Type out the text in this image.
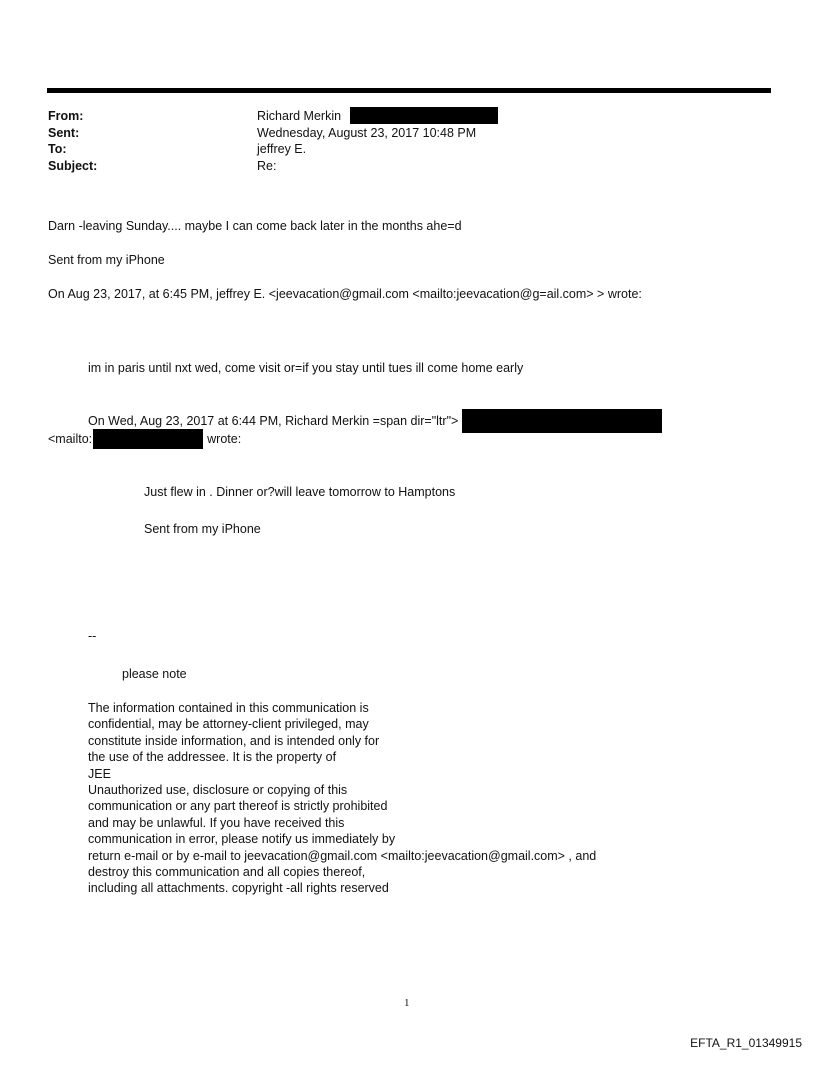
From:	Richard Merkin
Sent:	Wednesday, August 23, 2017 10:48 PM
To:	jeffrey E.
Subject:	Re:
Darn -leaving Sunday.... maybe I can come back later in the months ahe=d
Sent from my iPhone
On Aug 23, 2017, at 6:45 PM, jeffrey E. <jeevacation@gmail.com <mailto:jeevacation@g=ail.com> > wrote:
im in paris until nxt wed, come visit or=if you stay until tues ill come home early
On Wed, Aug 23, 2017 at 6:44 PM, Richard Merkin =span dir="ltr">
<mailto:	wrote:
Just flew in . Dinner or?will leave tomorrow to Hamptons
Sent from my iPhone
--
please note
The information contained in this communication is
confidential, may be attorney-client privileged, may
constitute inside information, and is intended only for
the use of the addressee. It is the property of
JEE
Unauthorized use, disclosure or copying of this
communication or any part thereof is strictly prohibited
and may be unlawful. If you have received this
communication in error, please notify us immediately by
return e-mail or by e-mail to jeevacation@gmail.com <mailto:jeevacation@gmail.com> , and
destroy this communication and all copies thereof,
including all attachments. copyright -all rights reserved
1
EFTA_R1_01349915
